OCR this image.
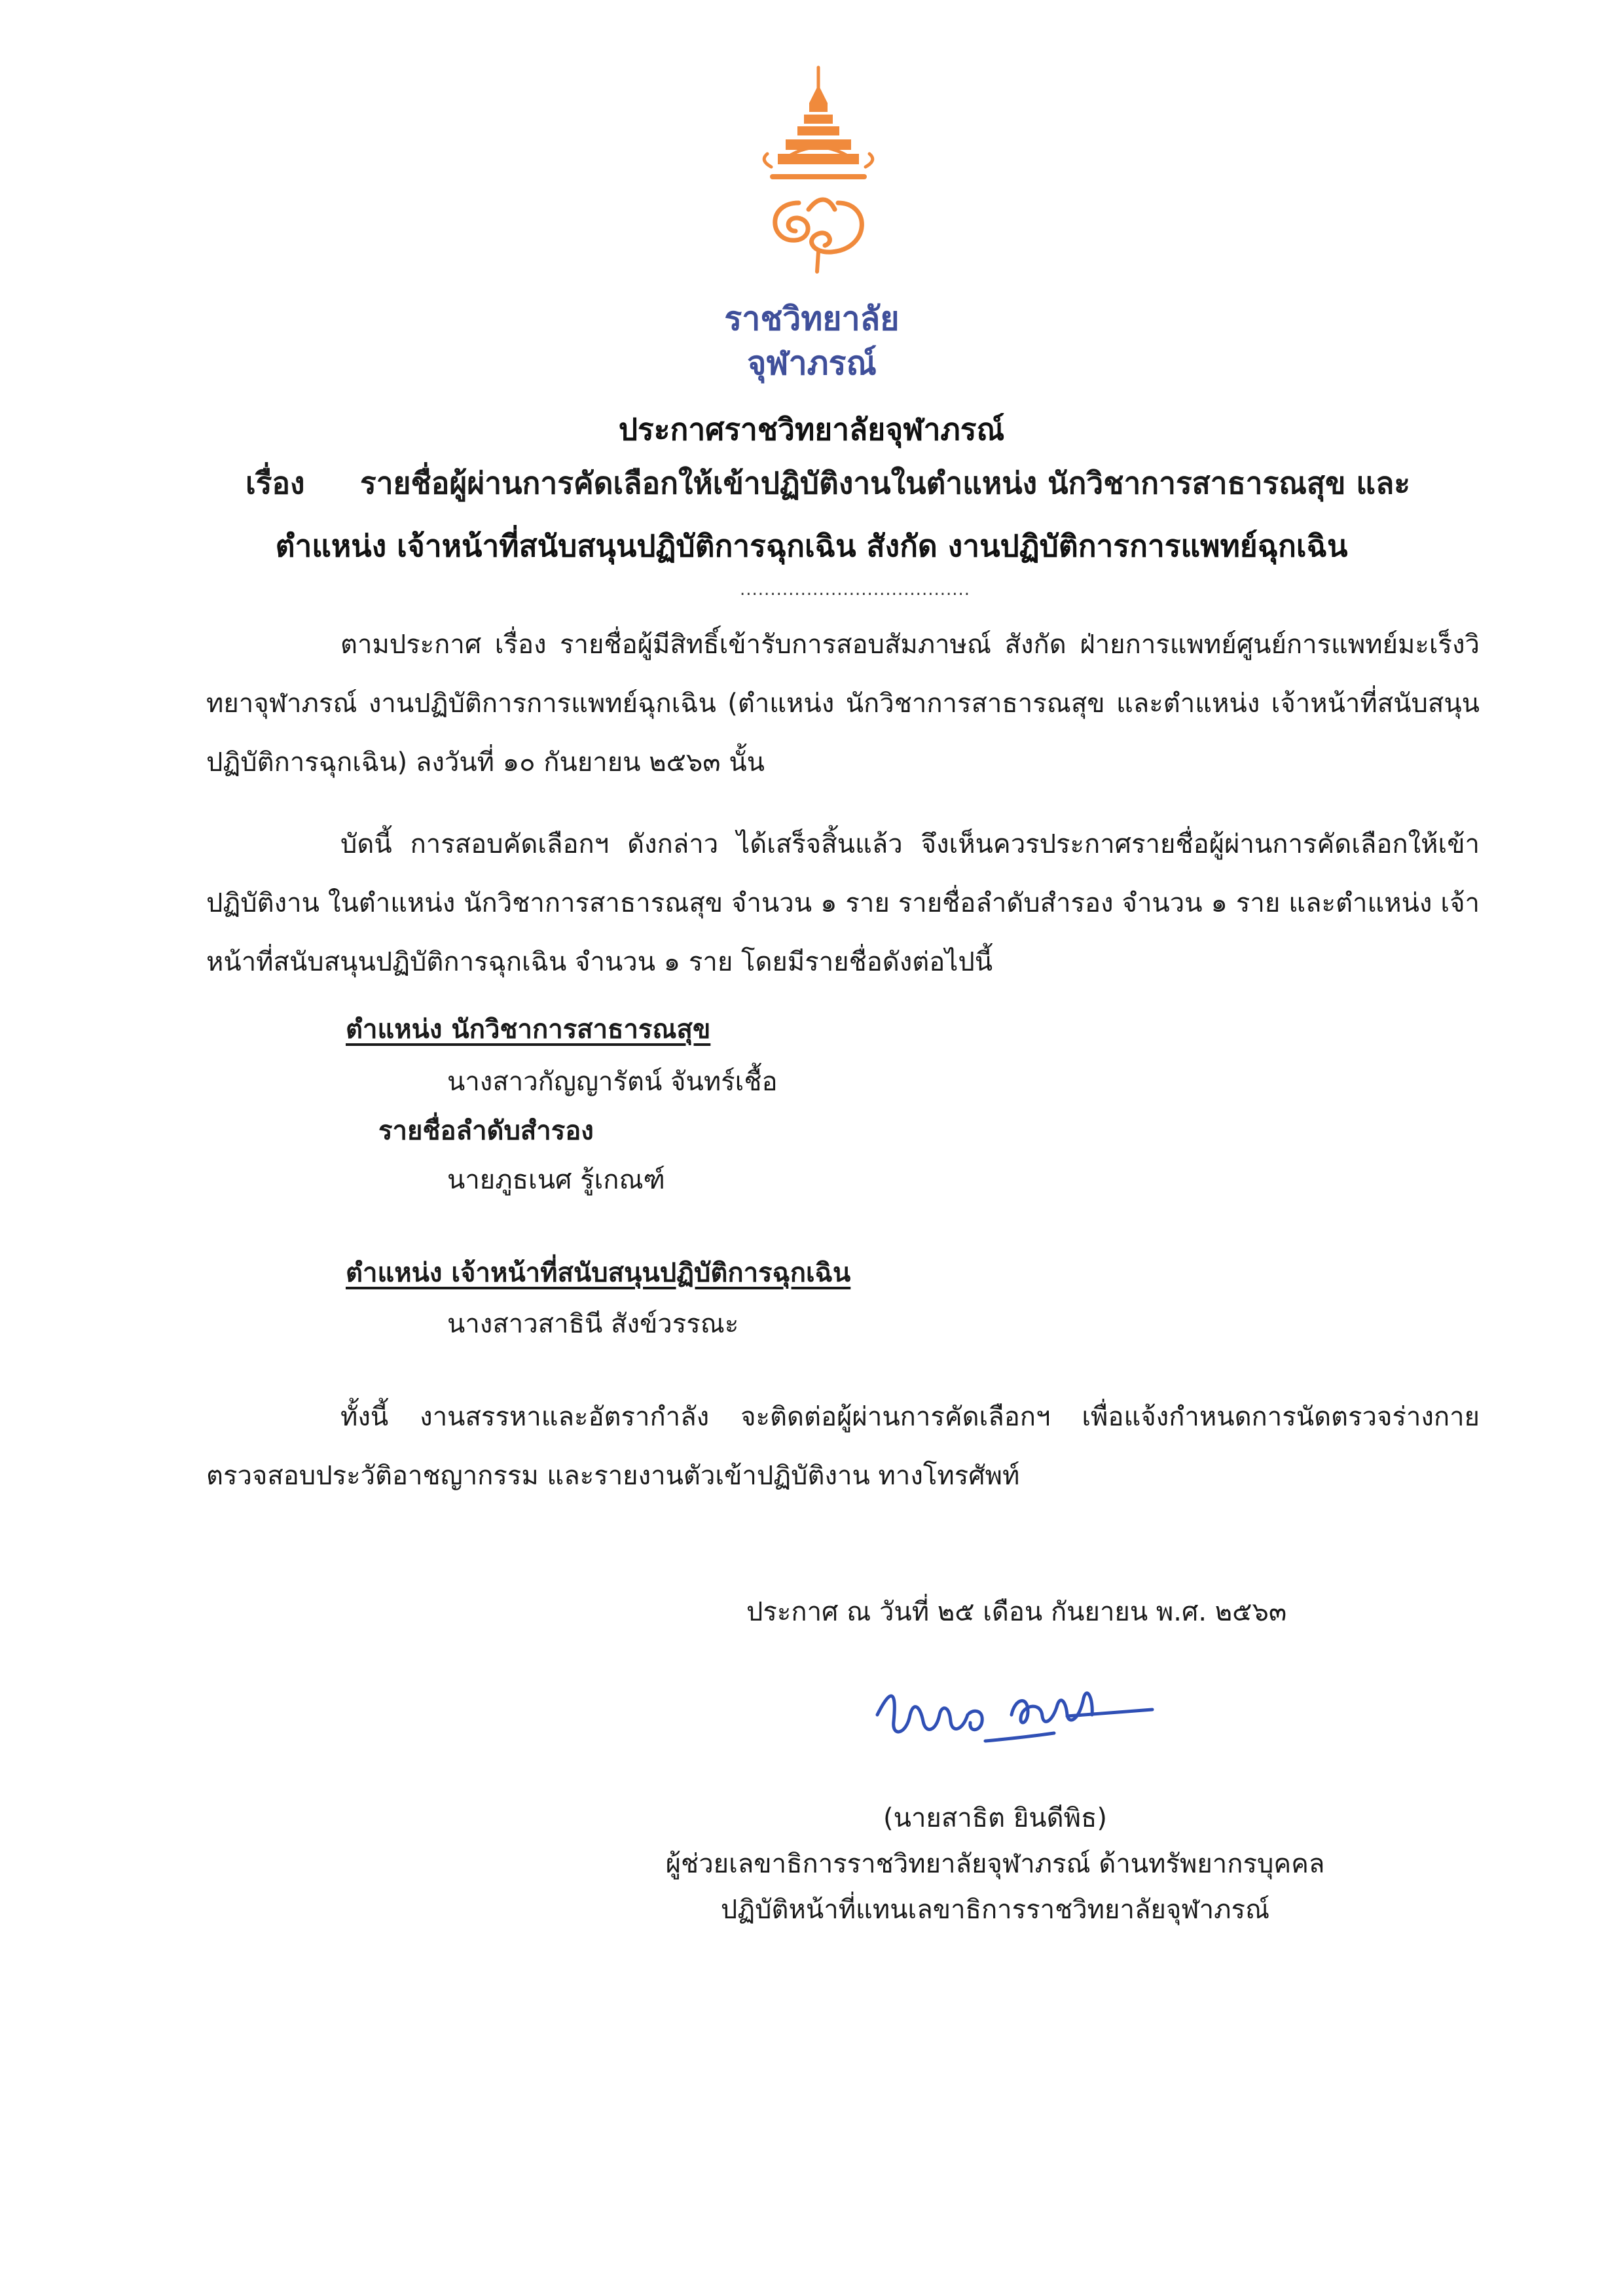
ราชวิทยาลัย
จุฬาภรณ์
ประกาศราชวิทยาลัยจุฬาภรณ์
เรื่อง รายชื่อผู้ผ่านการคัดเลือกให้เข้าปฏิบัติงานในตำแหน่ง นักวิชาการสาธารณสุข และ
ตำแหน่ง เจ้าหน้าที่สนับสนุนปฏิบัติการฉุกเฉิน สังกัด งานปฏิบัติการการแพทย์ฉุกเฉิน
......................................
ตามประกาศ เรื่อง รายชื่อผู้มีสิทธิ์เข้ารับการสอบสัมภาษณ์ สังกัด ฝ่ายการแพทย์ศูนย์การแพทย์มะเร็งวิทยาจุฬาภรณ์ งานปฏิบัติการการแพทย์ฉุกเฉิน (ตำแหน่ง นักวิชาการสาธารณสุข และตำแหน่ง เจ้าหน้าที่สนับสนุนปฏิบัติการฉุกเฉิน) ลงวันที่ ๑๐ กันยายน ๒๕๖๓ นั้น
บัดนี้ การสอบคัดเลือกฯ ดังกล่าว ได้เสร็จสิ้นแล้ว จึงเห็นควรประกาศรายชื่อผู้ผ่านการคัดเลือกให้เข้าปฏิบัติงาน ในตำแหน่ง นักวิชาการสาธารณสุข จำนวน ๑ ราย รายชื่อลำดับสำรอง จำนวน ๑ ราย และตำแหน่ง เจ้าหน้าที่สนับสนุนปฏิบัติการฉุกเฉิน จำนวน ๑ ราย โดยมีรายชื่อดังต่อไปนี้
ตำแหน่ง นักวิชาการสาธารณสุข
นางสาวกัญญารัตน์ จันทร์เชื้อ
รายชื่อลำดับสำรอง
นายภูธเนศ รู้เกณฑ์
ตำแหน่ง เจ้าหน้าที่สนับสนุนปฏิบัติการฉุกเฉิน
นางสาวสาธินี สังข์วรรณะ
ทั้งนี้ งานสรรหาและอัตรากำลัง จะติดต่อผู้ผ่านการคัดเลือกฯ เพื่อแจ้งกำหนดการนัดตรวจร่างกาย ตรวจสอบประวัติอาชญากรรม และรายงานตัวเข้าปฏิบัติงาน ทางโทรศัพท์
ประกาศ ณ วันที่ ๒๕ เดือน กันยายน พ.ศ. ๒๕๖๓
(นายสาธิต ยินดีพิธ)
ผู้ช่วยเลขาธิการราชวิทยาลัยจุฬาภรณ์ ด้านทรัพยากรบุคคล
ปฏิบัติหน้าที่แทนเลขาธิการราชวิทยาลัยจุฬาภรณ์
